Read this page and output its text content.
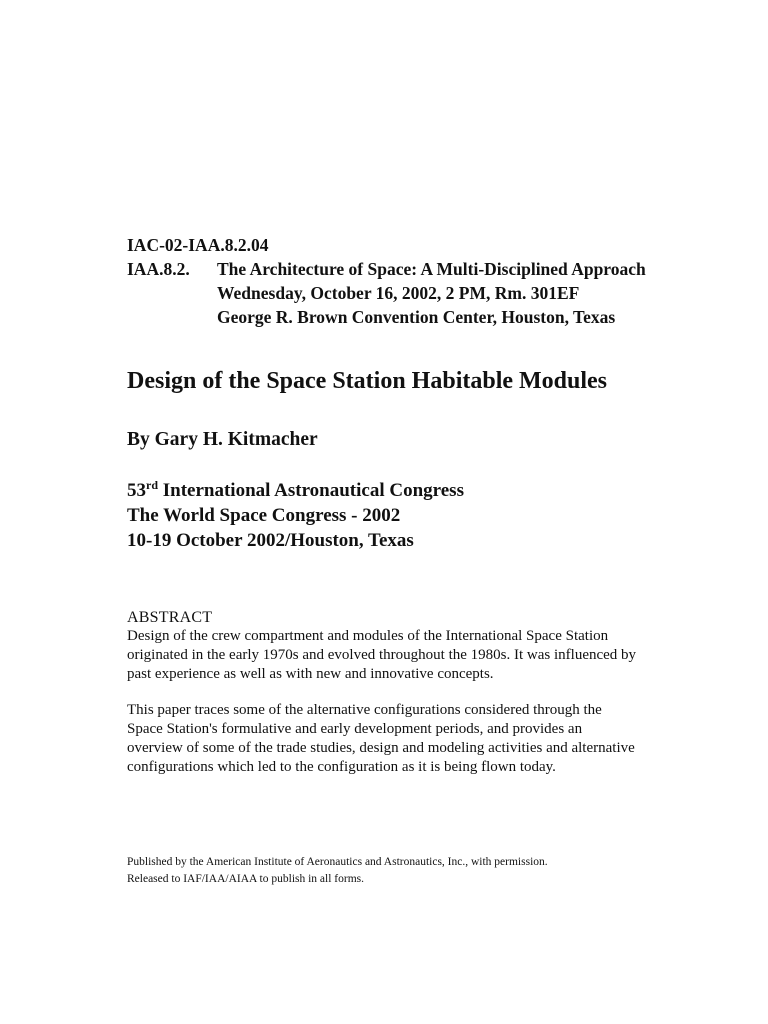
IAC-02-IAA.8.2.04
IAA.8.2.	The Architecture of Space: A Multi-Disciplined Approach
Wednesday, October 16, 2002, 2 PM, Rm. 301EF
George R. Brown Convention Center, Houston, Texas
Design of the Space Station Habitable Modules
By Gary H. Kitmacher
53rd International Astronautical Congress
The World Space Congress - 2002
10-19 October 2002/Houston, Texas
ABSTRACT

Design of the crew compartment and modules of the International Space Station originated in the early 1970s and evolved throughout the 1980s. It was influenced by past experience as well as with new and innovative concepts.

This paper traces some of the alternative configurations considered through the Space Station's formulative and early development periods, and provides an overview of some of the trade studies, design and modeling activities and alternative configurations which led to the configuration as it is being flown today.

Published by the American Institute of Aeronautics and Astronautics, Inc., with permission.
Released to IAF/IAA/AIAA to publish in all forms.
